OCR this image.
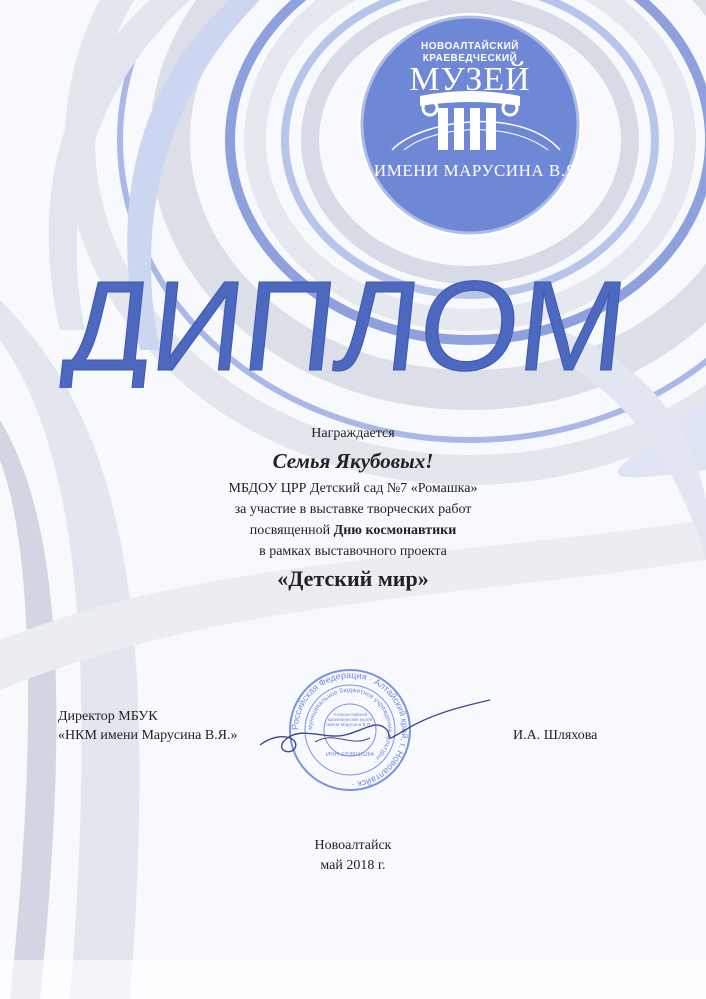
НОВОАЛТАЙСКИЙ
КРАЕВЕДЧЕСКИЙ
МУЗЕЙ
ИМЕНИ МАРУСИНА В.Я.
ДИПЛОМ
Награждается
Семья Якубовых!
МБДОУ ЦРР Детский сад №7 «Ромашка»
за участие в выставке творческих работ
посвященной Дню космонавтики
в рамках выставочного проекта
«Детский мир»
Директор МБУК
«НКМ имени Марусина В.Я.»
Российская Федерация · Алтайский край, г. Новоалтайск ·
муниципальное бюджетное учреждение культуры ·
«Новоалтайский краеведческий музей имени Марусина В.Я.»
ИНН 2208010264
И.А. Шляхова
Новоалтайск
май 2018 г.
